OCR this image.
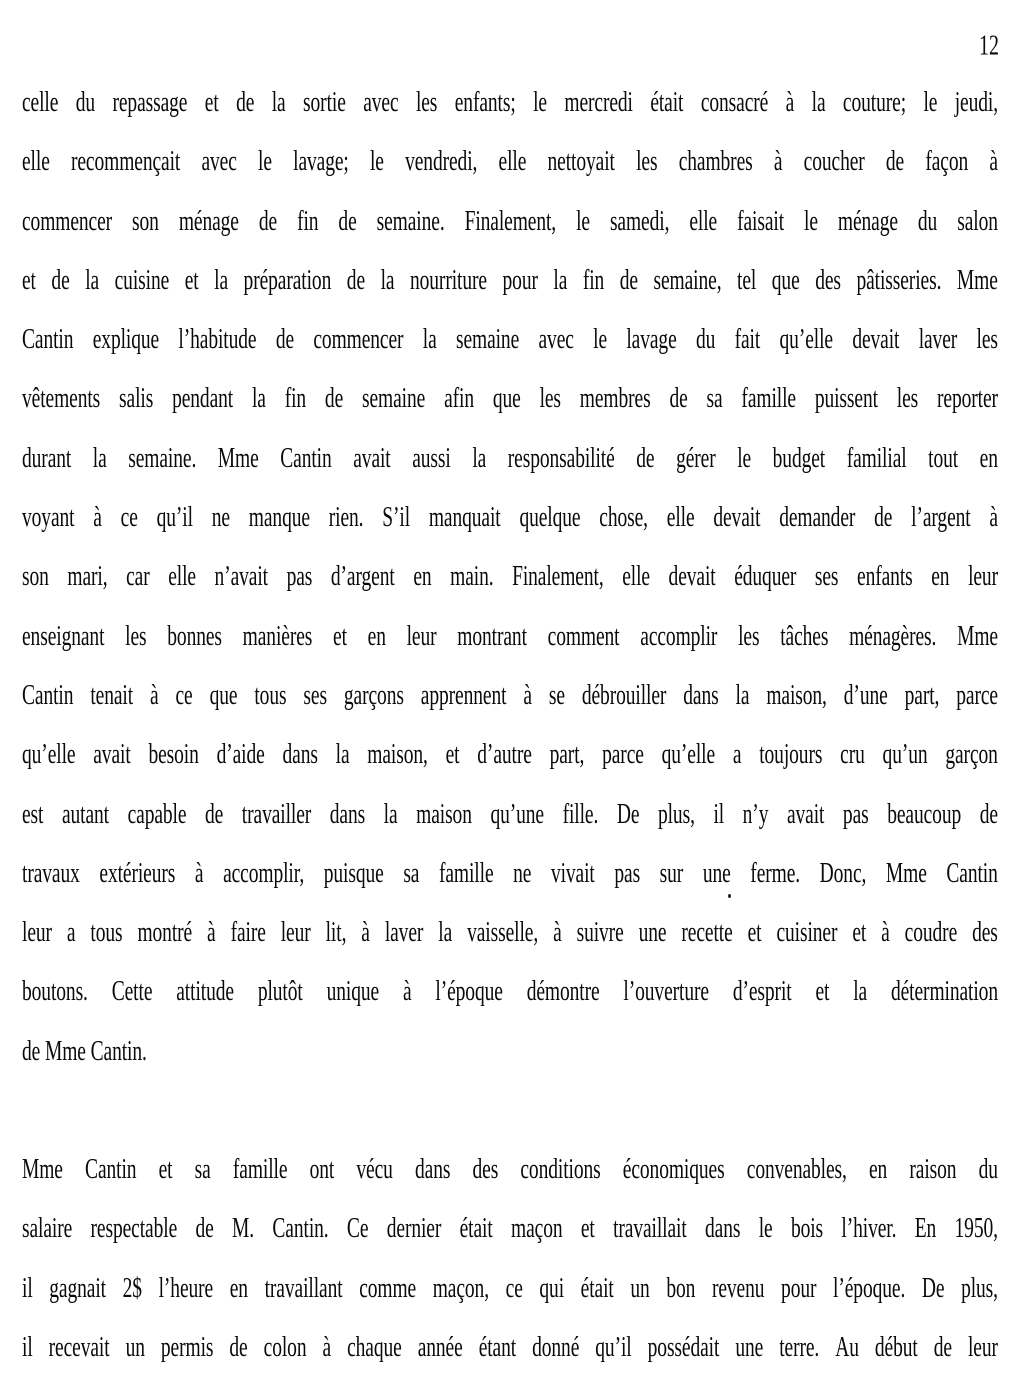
12
celle du repassage et de la sortie avec les enfants; le mercredi était consacré à la couture; le jeudi,
elle recommençait avec le lavage; le vendredi, elle nettoyait les chambres à coucher de façon à
commencer son ménage de fin de semaine. Finalement, le samedi, elle faisait le ménage du salon
et de la cuisine et la préparation de la nourriture pour la fin de semaine, tel que des pâtisseries. Mme
Cantin explique l’habitude de commencer la semaine avec le lavage du fait qu’elle devait laver les
vêtements salis pendant la fin de semaine afin que les membres de sa famille puissent les reporter
durant la semaine. Mme Cantin avait aussi la responsabilité de gérer le budget familial tout en
voyant à ce qu’il ne manque rien. S’il manquait quelque chose, elle devait demander de l’argent à
son mari, car elle n’avait pas d’argent en main. Finalement, elle devait éduquer ses enfants en leur
enseignant les bonnes manières et en leur montrant comment accomplir les tâches ménagères. Mme
Cantin tenait à ce que tous ses garçons apprennent à se débrouiller dans la maison, d’une part, parce
qu’elle avait besoin d’aide dans la maison, et d’autre part, parce qu’elle a toujours cru qu’un garçon
est autant capable de travailler dans la maison qu’une fille. De plus, il n’y avait pas beaucoup de
travaux extérieurs à accomplir, puisque sa famille ne vivait pas sur une ferme. Donc, Mme Cantin
leur a tous montré à faire leur lit, à laver la vaisselle, à suivre une recette et cuisiner et à coudre des
boutons. Cette attitude plutôt unique à l’époque démontre l’ouverture d’esprit et la détermination
de Mme Cantin.
Mme Cantin et sa famille ont vécu dans des conditions économiques convenables, en raison du
salaire respectable de M. Cantin. Ce dernier était maçon et travaillait dans le bois l’hiver. En 1950,
il gagnait 2$ l’heure en travaillant comme maçon, ce qui était un bon revenu pour l’époque. De plus,
il recevait un permis de colon à chaque année étant donné qu’il possédait une terre. Au début de leur
